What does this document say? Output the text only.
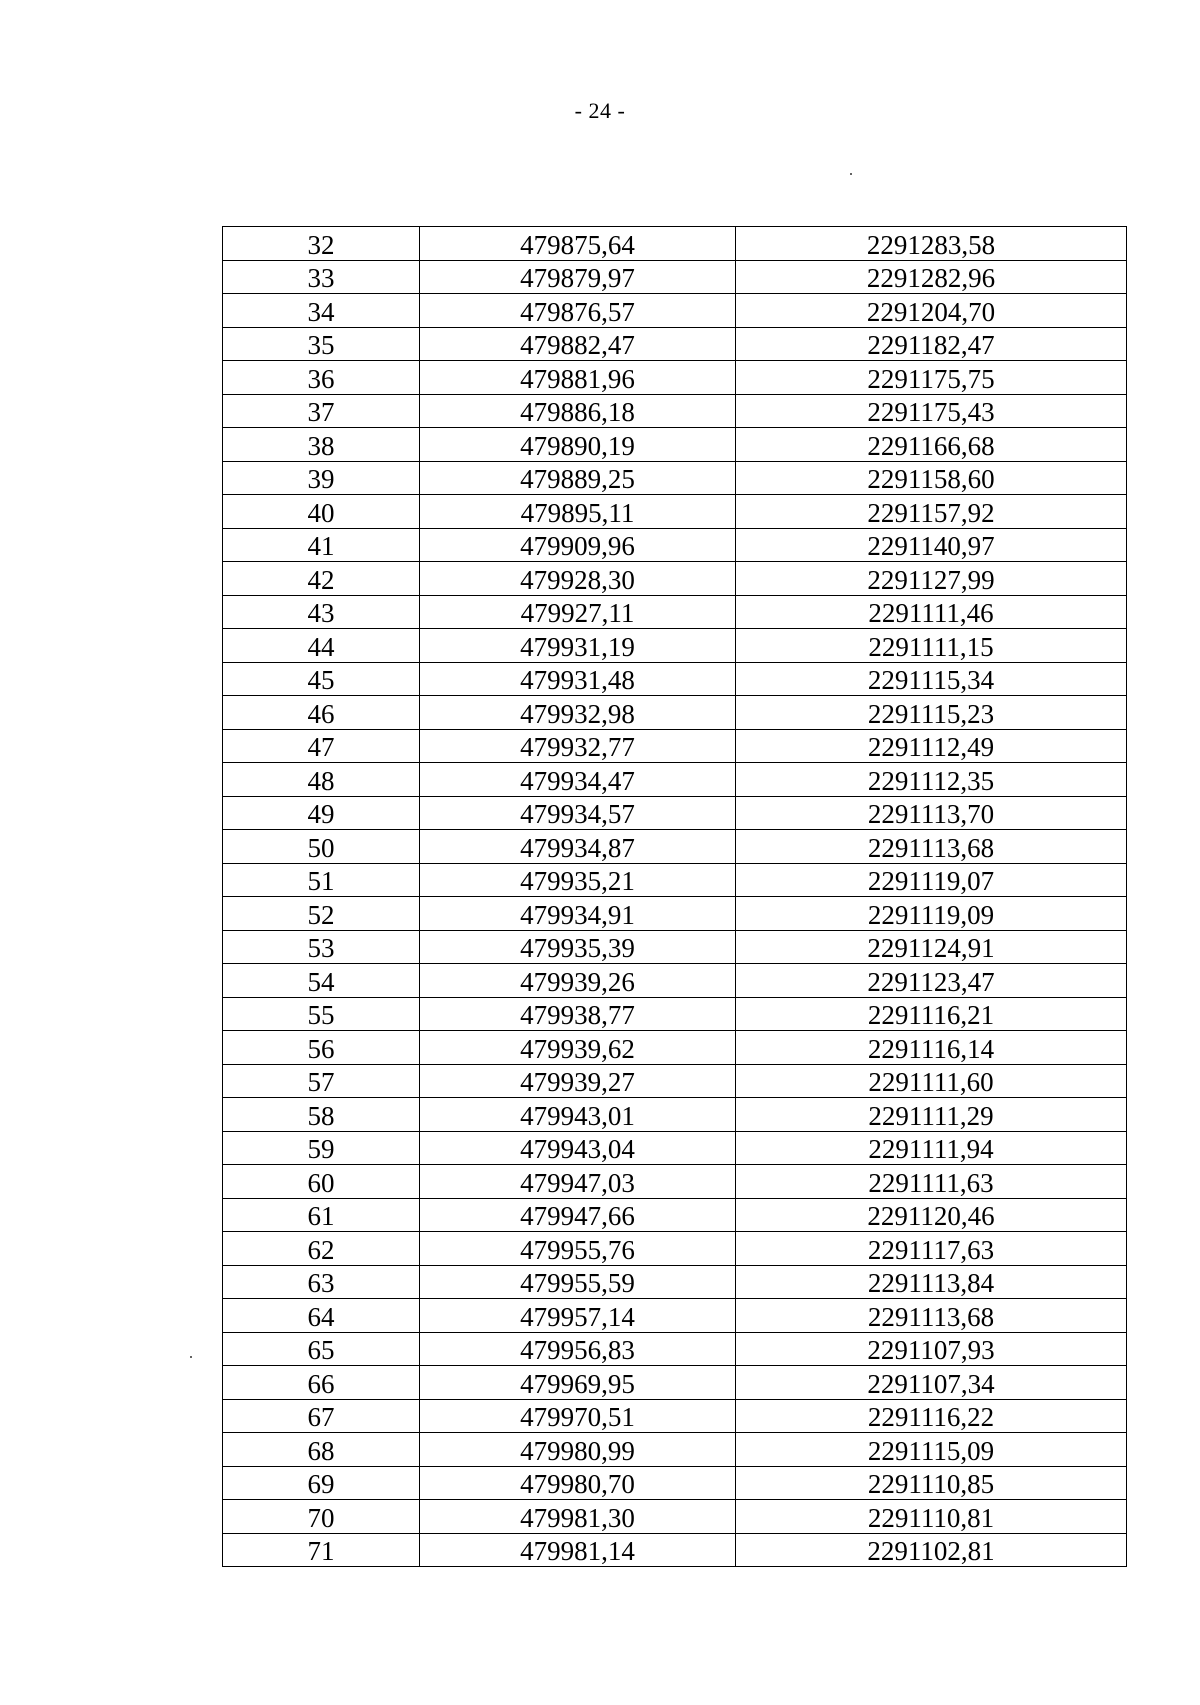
- 24 -
32	479875,64	2291283,58
33	479879,97	2291282,96
34	479876,57	2291204,70
35	479882,47	2291182,47
36	479881,96	2291175,75
37	479886,18	2291175,43
38	479890,19	2291166,68
39	479889,25	2291158,60
40	479895,11	2291157,92
41	479909,96	2291140,97
42	479928,30	2291127,99
43	479927,11	2291111,46
44	479931,19	2291111,15
45	479931,48	2291115,34
46	479932,98	2291115,23
47	479932,77	2291112,49
48	479934,47	2291112,35
49	479934,57	2291113,70
50	479934,87	2291113,68
51	479935,21	2291119,07
52	479934,91	2291119,09
53	479935,39	2291124,91
54	479939,26	2291123,47
55	479938,77	2291116,21
56	479939,62	2291116,14
57	479939,27	2291111,60
58	479943,01	2291111,29
59	479943,04	2291111,94
60	479947,03	2291111,63
61	479947,66	2291120,46
62	479955,76	2291117,63
63	479955,59	2291113,84
64	479957,14	2291113,68
65	479956,83	2291107,93
66	479969,95	2291107,34
67	479970,51	2291116,22
68	479980,99	2291115,09
69	479980,70	2291110,85
70	479981,30	2291110,81
71	479981,14	2291102,81
